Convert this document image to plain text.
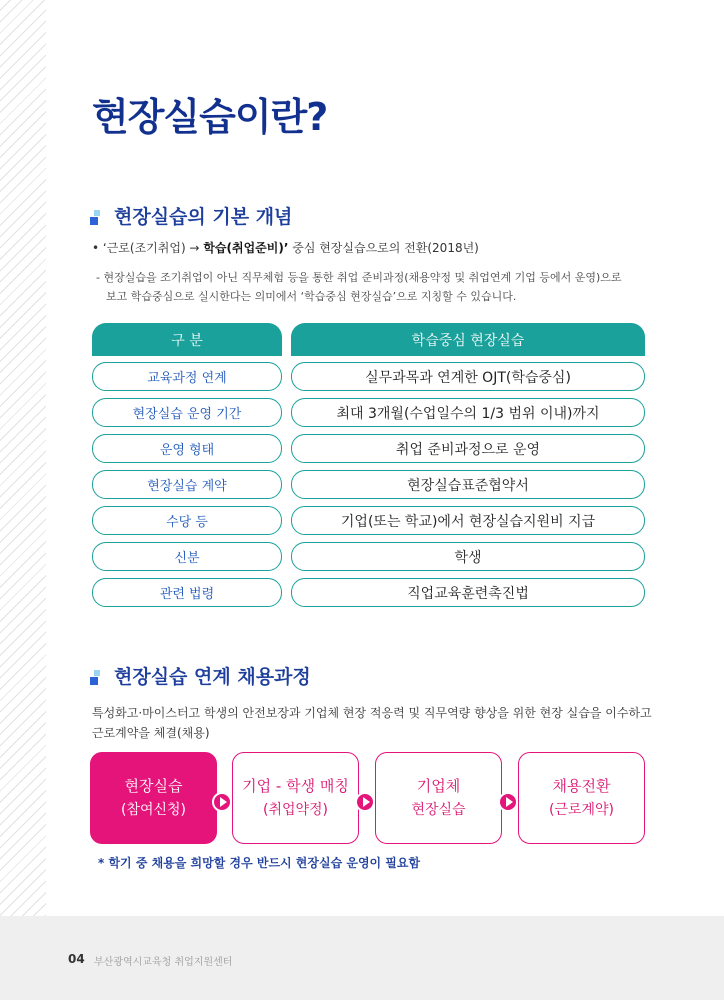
현장실습이란?
현장실습의 기본 개념
• ‘근로(조기취업) → 학습(취업준비)’ 중심 현장실습으로의 전환(2018년)
- 현장실습을 조기취업이 아닌 직무체험 등을 통한 취업 준비과정(채용약정 및 취업연계 기업 등에서 운영)으로
보고 학습중심으로 실시한다는 의미에서 ‘학습중심 현장실습’으로 지칭할 수 있습니다.
구 분	학습중심 현장실습
교육과정 연계	실무과목과 연계한 OJT(학습중심)
현장실습 운영 기간	최대 3개월(수업일수의 1/3 범위 이내)까지
운영 형태	취업 준비과정으로 운영
현장실습 계약	현장실습표준협약서
수당 등	기업(또는 학교)에서 현장실습지원비 지급
신분	학생
관련 법령	직업교육훈련촉진법
현장실습 연계 채용과정
특성화고·마이스터고 학생의 안전보장과 기업체 현장 적응력 및 직무역량 향상을 위한 현장 실습을 이수하고
근로계약을 체결(채용)
현장실습
(참여신청)
기업 - 학생 매칭
(취업약정)
기업체
현장실습
채용전환
(근로계약)
* 학기 중 채용을 희망할 경우 반드시 현장실습 운영이 필요함
04 부산광역시교육청 취업지원센터
